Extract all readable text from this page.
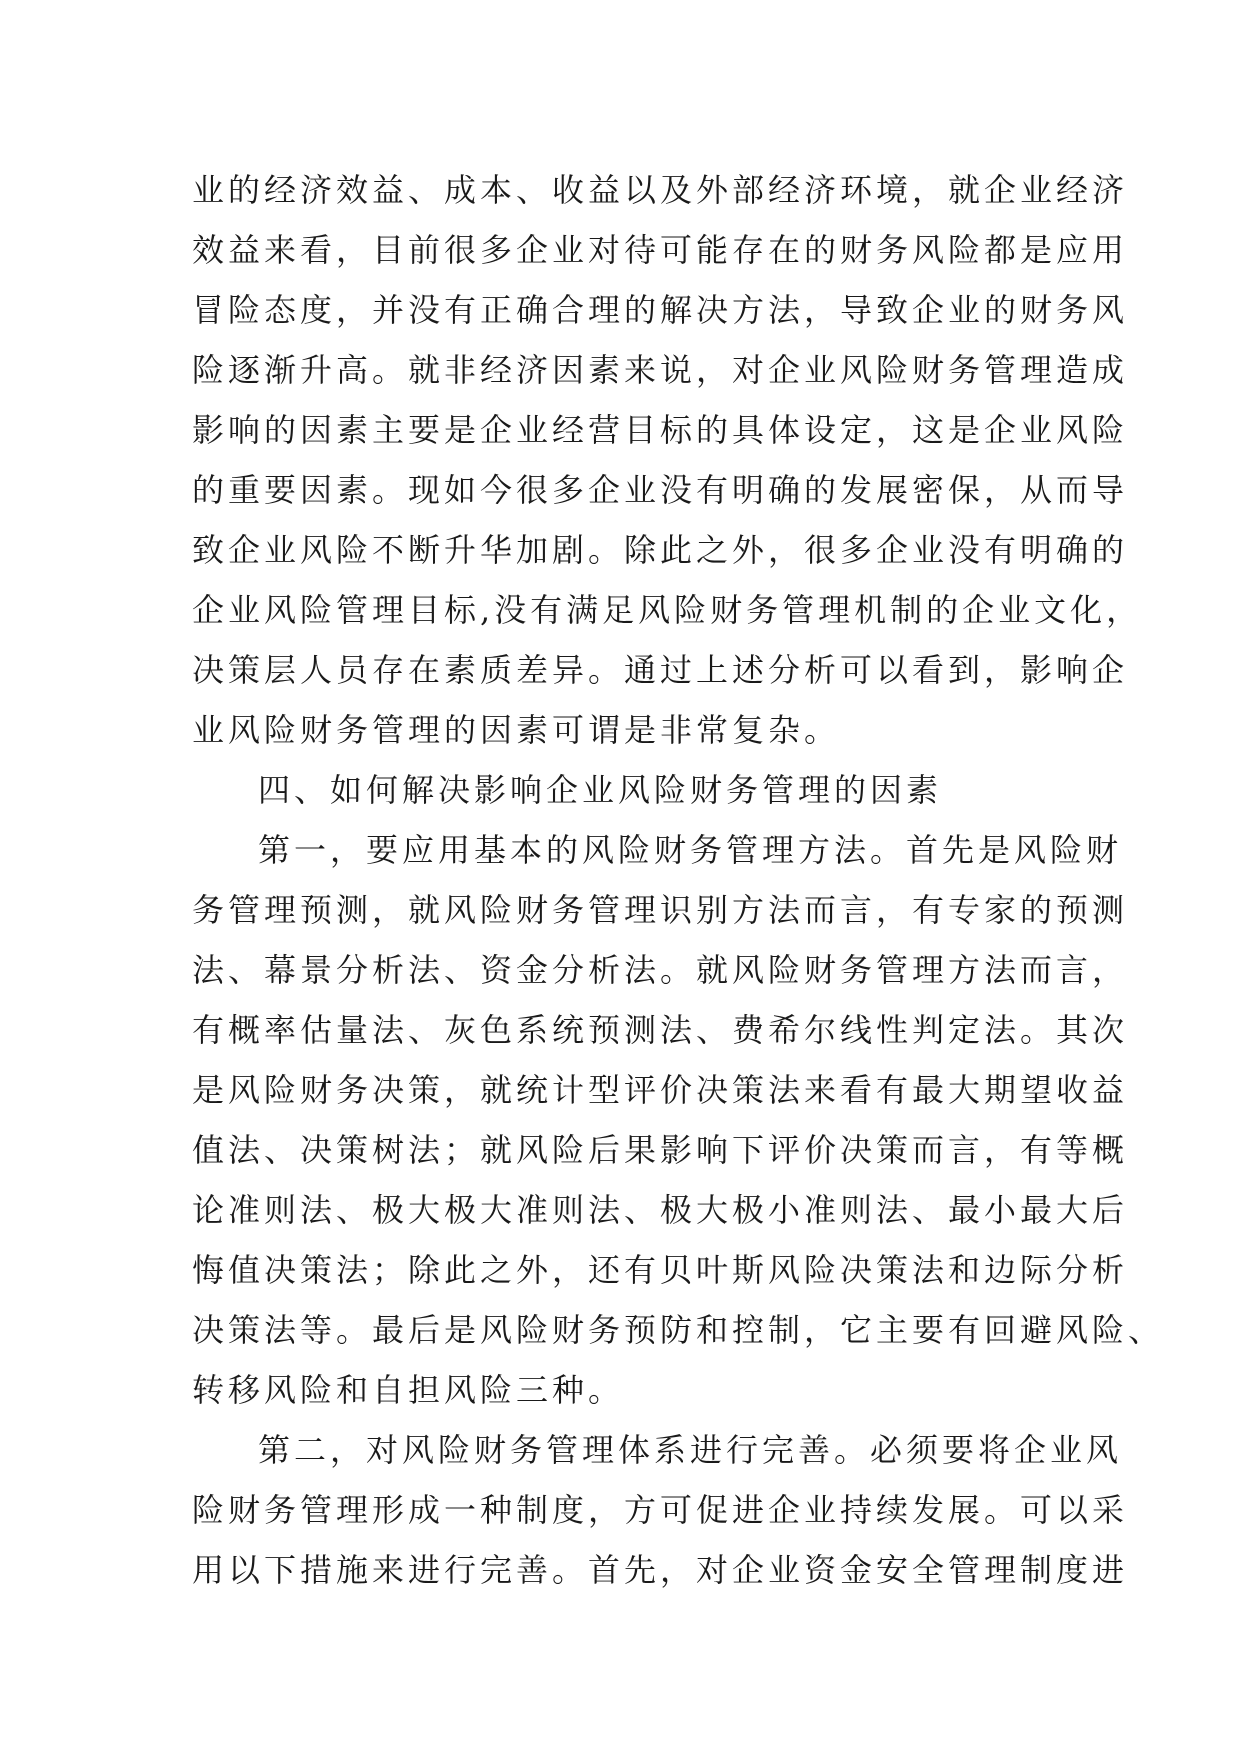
业的经济效益、成本、收益以及外部经济环境，就企业经济
效益来看，目前很多企业对待可能存在的财务风险都是应用
冒险态度，并没有正确合理的解决方法，导致企业的财务风
险逐渐升高。就非经济因素来说，对企业风险财务管理造成
影响的因素主要是企业经营目标的具体设定，这是企业风险
的重要因素。现如今很多企业没有明确的发展密保，从而导
致企业风险不断升华加剧。除此之外，很多企业没有明确的
企业风险管理目标,没有满足风险财务管理机制的企业文化，
决策层人员存在素质差异。通过上述分析可以看到，影响企
业风险财务管理的因素可谓是非常复杂。
四、如何解决影响企业风险财务管理的因素
第一，要应用基本的风险财务管理方法。首先是风险财
务管理预测，就风险财务管理识别方法而言，有专家的预测
法、幕景分析法、资金分析法。就风险财务管理方法而言，
有概率估量法、灰色系统预测法、费希尔线性判定法。其次
是风险财务决策，就统计型评价决策法来看有最大期望收益
值法、决策树法；就风险后果影响下评价决策而言，有等概
论准则法、极大极大准则法、极大极小准则法、最小最大后
悔值决策法；除此之外，还有贝叶斯风险决策法和边际分析
决策法等。最后是风险财务预防和控制，它主要有回避风险、
转移风险和自担风险三种。
第二，对风险财务管理体系进行完善。必须要将企业风
险财务管理形成一种制度，方可促进企业持续发展。可以采
用以下措施来进行完善。首先，对企业资金安全管理制度进
